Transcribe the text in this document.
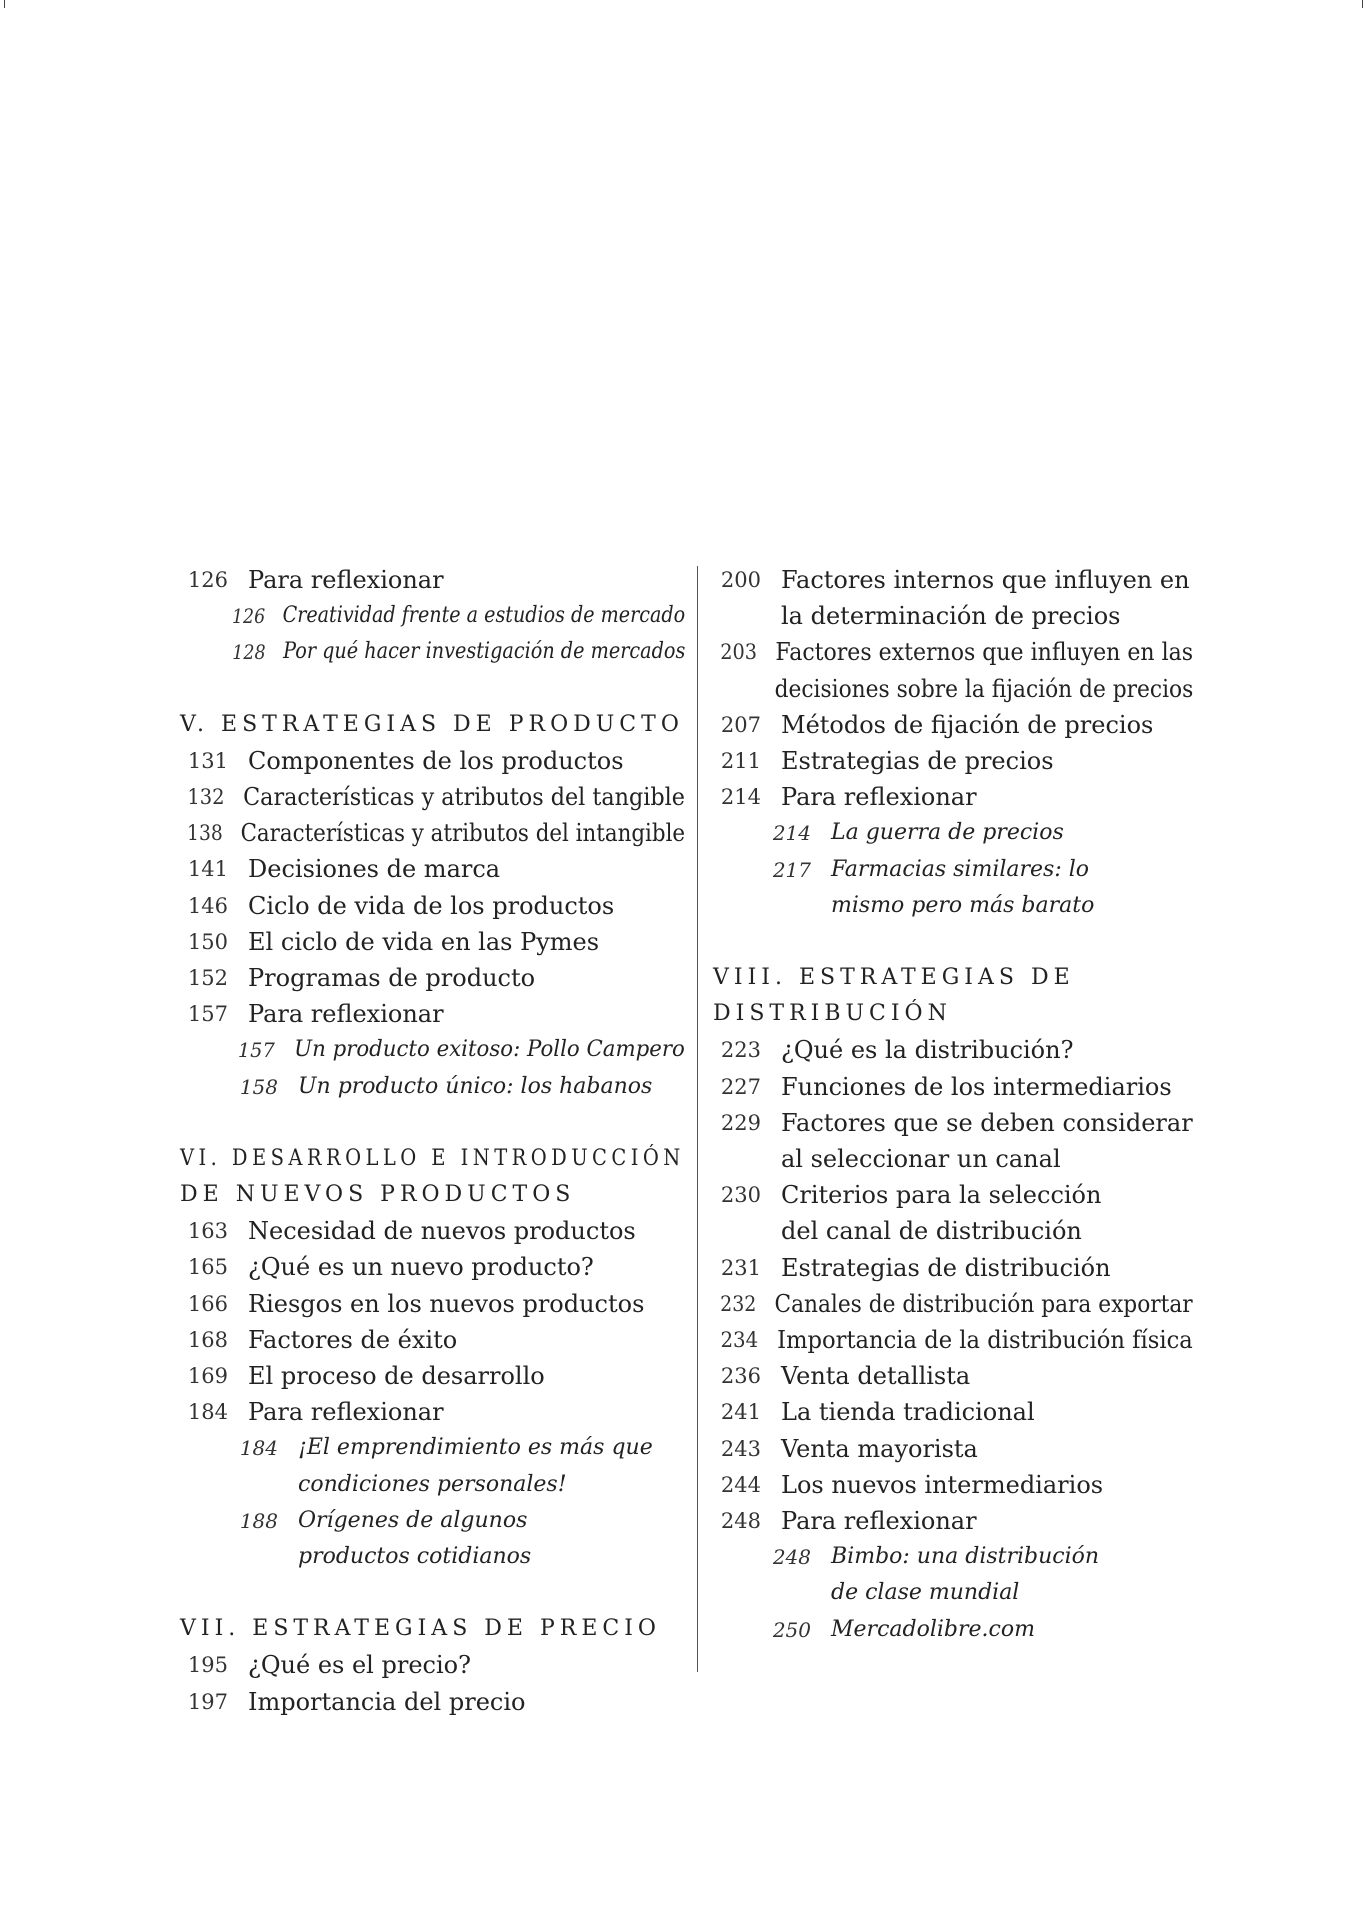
126 Para reflexionar
126 Creatividad frente a estudios de mercado
128 Por qué hacer investigación de mercados
V. ESTRATEGIAS DE PRODUCTO
131 Componentes de los productos
132 Características y atributos del tangible
138 Características y atributos del intangible
141 Decisiones de marca
146 Ciclo de vida de los productos
150 El ciclo de vida en las Pymes
152 Programas de producto
157 Para reflexionar
157 Un producto exitoso: Pollo Campero
158 Un producto único: los habanos
VI. DESARROLLO E INTRODUCCIÓN
DE NUEVOS PRODUCTOS
163 Necesidad de nuevos productos
165 ¿Qué es un nuevo producto?
166 Riesgos en los nuevos productos
168 Factores de éxito
169 El proceso de desarrollo
184 Para reflexionar
184 ¡El emprendimiento es más que
condiciones personales!
188 Orígenes de algunos
productos cotidianos
VII. ESTRATEGIAS DE PRECIO
195 ¿Qué es el precio?
197 Importancia del precio
200 Factores internos que influyen en
la determinación de precios
203 Factores externos que influyen en las
decisiones sobre la fijación de precios
207 Métodos de fijación de precios
211 Estrategias de precios
214 Para reflexionar
214 La guerra de precios
217 Farmacias similares: lo
mismo pero más barato
VIII. ESTRATEGIAS DE
DISTRIBUCIÓN
223 ¿Qué es la distribución?
227 Funciones de los intermediarios
229 Factores que se deben considerar
al seleccionar un canal
230 Criterios para la selección
del canal de distribución
231 Estrategias de distribución
232 Canales de distribución para exportar
234 Importancia de la distribución física
236 Venta detallista
241 La tienda tradicional
243 Venta mayorista
244 Los nuevos intermediarios
248 Para reflexionar
248 Bimbo: una distribución
de clase mundial
250 Mercadolibre.com
